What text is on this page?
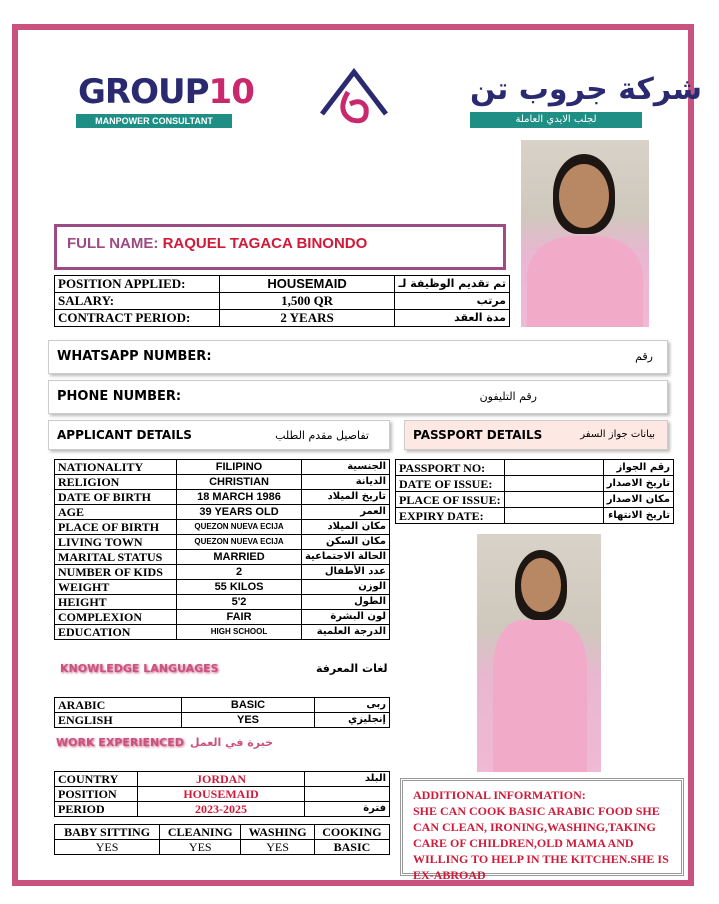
GROUP10
MANPOWER CONSULTANT
شركة جروب تن
لجلب الايدي العاملة
FULL NAME: RAQUEL TAGACA BINONDO
POSITION APPLIED:	HOUSEMAID	تم تقديم الوظيفة لـ
SALARY:	1,500 QR	مرتب
CONTRACT PERIOD:	2 YEARS	مدة العقد
WHATSAPP NUMBER:	رقم
PHONE NUMBER:	رقم التليفون
APPLICANT DETAILS	تفاصيل مقدم الطلب	PASSPORT DETAILS	بيانات جواز السفر
NATIONALITY	FILIPINO	الجنسية
RELIGION	CHRISTIAN	الديانة
DATE OF BIRTH	18 MARCH 1986	تاريخ الميلاد
AGE	39 YEARS OLD	العمر
PLACE OF BIRTH	QUEZON NUEVA ECIJA	مكان الميلاد
LIVING TOWN	QUEZON NUEVA ECIJA	مكان السكن
MARITAL STATUS	MARRIED	الحالة الاجتماعية
NUMBER OF KIDS	2	عدد الأطفال
WEIGHT	55 KILOS	الوزن
HEIGHT	5'2	الطول
COMPLEXION	FAIR	لون البشرة
EDUCATION	HIGH SCHOOL	الدرجة العلمية
PASSPORT NO:		رقم الجواز
DATE OF ISSUE:		تاريخ الاصدار
PLACE OF ISSUE:		مكان الاصدار
EXPIRY DATE:		تاريخ الانتهاء
KNOWLEDGE LANGUAGES	لغات المعرفة
ARABIC	BASIC	ربى
ENGLISH	YES	إنجليزي
WORK EXPERIENCED خبرة في العمل
COUNTRY	JORDAN	البلد
POSITION	HOUSEMAID	
PERIOD	2023-2025	فترة
BABY SITTING	CLEANING	WASHING	COOKING
YES	YES	YES	BASIC
ADDITIONAL INFORMATION:
SHE CAN COOK BASIC ARABIC FOOD SHE CAN CLEAN, IRONING,WASHING,TAKING CARE OF CHILDREN,OLD MAMA AND WILLING TO HELP IN THE KITCHEN.SHE IS EX-ABROAD
